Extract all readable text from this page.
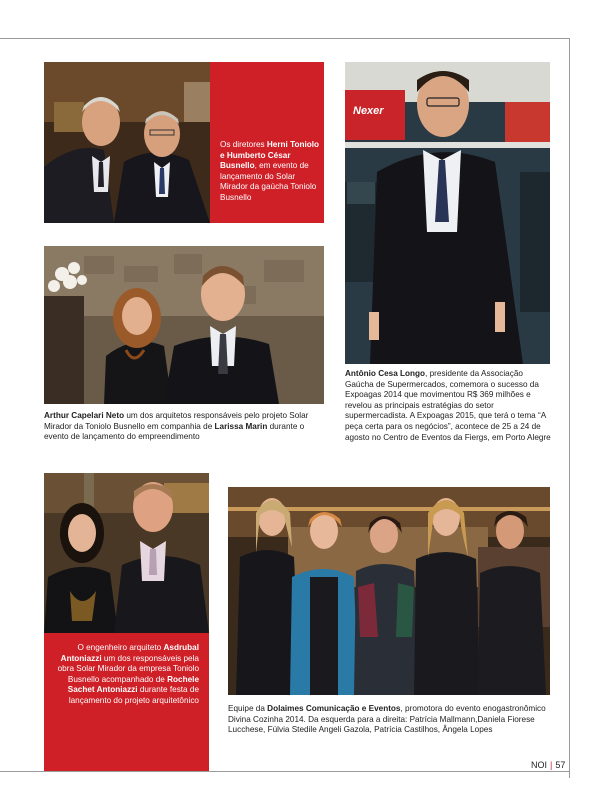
Os diretores Herni Toniolo e Humberto César Busnello, em evento de lançamento do Solar Mirador da gaúcha Toniolo Busnello
Arthur Capelari Neto um dos arquitetos responsáveis pelo projeto Solar Mirador da Toniolo Busnello em companhia de Larissa Marin durante o evento de lançamento do empreendimento
Nexer
Antônio Cesa Longo, presidente da Associação Gaúcha de Supermercados, comemora o sucesso da Expoagas 2014 que movimentou R$ 369 milhões e revelou as principais estratégias do setor supermercadista. A Expoagas 2015, que terá o tema “A peça certa para os negócios”, acontece de 25 a 24 de agosto no Centro de Eventos da Fiergs, em Porto Alegre
O engenheiro arquiteto Asdrubal Antoniazzi um dos responsáveis pela obra Solar Mirador da empresa Toniolo Busnello acompanhado de Rochele Sachet Antoniazzi durante festa de lançamento do projeto arquitetônico
Equipe da Dolaimes Comunicação e Eventos, promotora do evento enogastronômico Divina Cozinha 2014. Da esquerda para a direita: Patrícia Mallmann,Daniela Fiorese Lucchese, Fúlvia Stedile Angeli Gazola, Patrícia Castilhos, Ângela Lopes
NOI | 57
